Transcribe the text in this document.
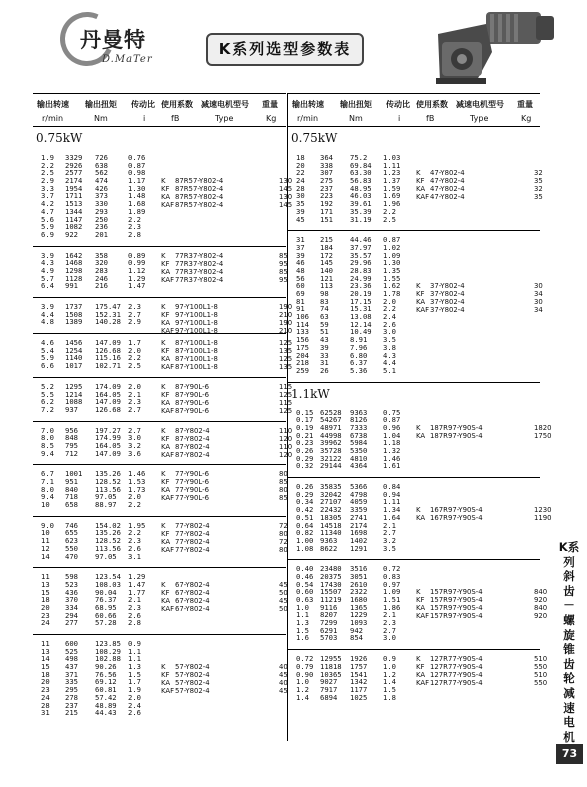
丹曼特
D.MaTer
K系列选型参数表
输出转速 输出扭矩 传动比 使用系数 减速电机型号 重量
r/min	Nm	i	fB	Type	Kg
0.75kW
1.9 3329 726	0.76
2.2 2926 638	0.87
2.5 2577 562	0.98
2.9 2174 474	1.17
3.3 1954 426	1.30
3.7 1711 373	1.48
4.2 1513 330	1.68
4.7 1344 293	1.89
5.6 1147 250	2.2
5.9 1082 236	2.3
6.9 922 201	2.8
K 87R57-Y802-4	130
KF 87R57-Y802-4	145
KA 87R57-Y802-4	130
KAF 87R57-Y802-4	145
3.9 1642 358	0.89
4.3 1468 320	0.99
4.9 1298 283	1.12
5.7 1128 246	1.29
6.4 991 216	1.47
K 77R37-Y802-4	85
KF 77R37-Y802-4	95
KA 77R37-Y802-4	85
KAF 77R37-Y802-4	95
3.9 1737 175.47 2.3
4.4 1508 152.31 2.7
4.8 1389 140.28 2.9
K 97-Y100L1-8	190
KF 97-Y100L1-8	210
KA 97-Y100L1-8	190
KAF 97-Y100L1-8	210
4.6 1456 147.09 1.7
5.4 1254 126.68 2.0
5.9 1140 115.16 2.2
6.6 1017 102.71 2.5
K 87-Y100L1-8	125
KF 87-Y100L1-8	135
KA 87-Y100L1-8	125
KAF 87-Y100L1-8	135
5.2 1295 174.09 2.0
5.5 1214 164.05 2.1
6.2 1088 147.09 2.3
7.2 937 126.68 2.7
K 87-Y90L-6	115
KF 87-Y90L-6	125
KA 87-Y90L-6	115
KAF 87-Y90L-6	125
7.0 956 197.27 2.7
8.0 848 174.99 3.0
8.5 795 164.05 3.2
9.4 712 147.09 3.6
K 87-Y802-4	110
KF 87-Y802-4	120
KA 87-Y802-4	110
KAF 87-Y802-4	120
6.7 1001 135.26 1.46
7.1 951 128.52 1.53
8.0 840 113.56 1.73
9.4 718 97.05 2.0
10 658 88.97 2.2
K 77-Y90L-6	80
KF 77-Y90L-6	85
KA 77-Y90L-6	80
KAF 77-Y90L-6	85
9.0 746 154.02 1.95
10 655 135.26 2.2
11 623 128.52 2.3
12 550 113.56 2.6
14 470 97.05 3.1
K 77-Y802-4	72
KF 77-Y802-4	80
KA 77-Y802-4	72
KAF 77-Y802-4	80
11 598 123.54 1.29
13 523 108.03 1.47
15 436 90.04 1.77
18 370 76.37 2.1
20 334 68.95 2.3
23 294 60.66 2.6
24 277 57.28 2.8
K 67-Y802-4	45
KF 67-Y802-4	50
KA 67-Y802-4	45
KAF 67-Y802-4	50
11 600 123.85 0.9
13 525 108.29 1.1
14 498 102.88 1.1
15 437 90.26 1.3
18 371 76.56 1.5
20 335 69.12 1.7
23 295 60.81 1.9
24 278 57.42 2.0
28 237 48.89 2.4
31 215 44.43 2.6
K 57-Y802-4	40
KF 57-Y802-4	45
KA 57-Y802-4	40
KAF 57-Y802-4	45
输出转速 输出扭矩 传动比 使用系数 减速电机型号 重量
r/min	Nm	i	fB	Type	Kg
0.75kW
18 364 75.2 1.03
20 338 69.84 1.11
22 307 63.30 1.23
24 275 56.83 1.37
28 237 48.95 1.59
30 223 46.03 1.69
35 192 39.61 1.96
39 171 35.39 2.2
45 151 31.19 2.5
K 47-Y802-4	32
KF 47-Y802-4	35
KA 47-Y802-4	32
KAF 47-Y802-4	35
31 215 44.46 0.87
37 184 37.97 1.02
39 172 35.57 1.09
46 145 29.96 1.30
48 140 28.83 1.35
56 121 24.99 1.55
60 113 23.36 1.62
69 98	20.19 1.78
81 83	17.15 2.0
91 74	15.31 2.2
106 63	13.08 2.4
114 59	12.14 2.6
133 51	10.49 3.0
156 43	8.91 3.5
175 39	7.96 3.8
204 33	6.80 4.3
218 31	6.37 4.4
259 26	5.36 5.1
K 37-Y802-4	30
KF 37-Y802-4	34
KA 37-Y802-4	30
KAF 37-Y802-4	34
1.1kW
0.15 62528 9363 0.75
0.17 54267 8126 0.87
0.19 48971 7333 0.96
0.21 44998 6738 1.04
0.23 39962 5984 1.18
0.26 35728 5350 1.32
0.29 32122 4810 1.46
0.32 29144 4364 1.61
K 187R97-Y90S-4	1820
KA 187R97-Y90S-4	1750
0.26 35835 5366 0.84
0.29 32042 4798 0.94
0.34 27107 4059 1.11
0.42 22432 3359 1.34
0.51 18305 2741 1.64
0.64 14518 2174 2.1
0.82 11340 1698 2.7
1.00 9363 1402 3.2
1.08 8622 1291 3.5
K 167R97-Y90S-4	1230
KA 167R97-Y90S-4	1190
0.40 23480 3516 0.72
0.46 20375 3051 0.83
0.54 17430 2610 0.97
0.60 15507 2322 1.09
0.63 11219 1680 1.51
1.0 9116 1365 1.86
1.1 8207 1229 2.1
1.3 7299 1093 2.3
1.5 6291 942	2.7
1.6 5703 854	3.0
K 157R97-Y90S-4	840
KF 157R97-Y90S-4	920
KA 157R97-Y90S-4	840
KAF 157R97-Y90S-4	920
0.72 12955 1926 0.9
0.79 11818 1757 1.0
0.90 10365 1541 1.2
1.0 9027 1342 1.4
1.2 7917 1177 1.5
1.4 6894 1025 1.8
K 127R77-Y90S-4	510
KF 127R77-Y90S-4	550
KA 127R77-Y90S-4	510
KAF 127R77-Y90S-4	550
K系列斜齿－螺旋锥齿轮减速电机
73
